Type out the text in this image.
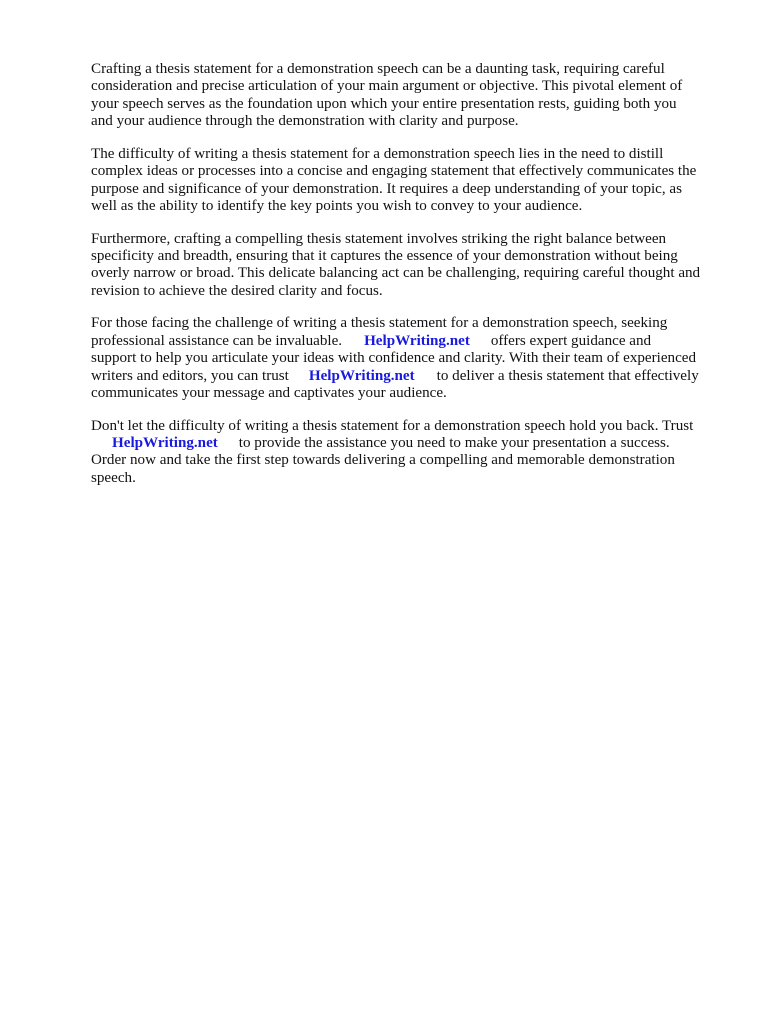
Crafting a thesis statement for a demonstration speech can be a daunting task, requiring careful
consideration and precise articulation of your main argument or objective. This pivotal element of
your speech serves as the foundation upon which your entire presentation rests, guiding both you
and your audience through the demonstration with clarity and purpose.

The difficulty of writing a thesis statement for a demonstration speech lies in the need to distill
complex ideas or processes into a concise and engaging statement that effectively communicates the
purpose and significance of your demonstration. It requires a deep understanding of your topic, as
well as the ability to identify the key points you wish to convey to your audience.

Furthermore, crafting a compelling thesis statement involves striking the right balance between
specificity and breadth, ensuring that it captures the essence of your demonstration without being
overly narrow or broad. This delicate balancing act can be challenging, requiring careful thought and
revision to achieve the desired clarity and focus.

For those facing the challenge of writing a thesis statement for a demonstration speech, seeking
professional assistance can be invaluable. HelpWriting.net offers expert guidance and
support to help you articulate your ideas with confidence and clarity. With their team of experienced
writers and editors, you can trust HelpWriting.net to deliver a thesis statement that effectively
communicates your message and captivates your audience.

Don't let the difficulty of writing a thesis statement for a demonstration speech hold you back. Trust
HelpWriting.net to provide the assistance you need to make your presentation a success.
Order now and take the first step towards delivering a compelling and memorable demonstration
speech.
